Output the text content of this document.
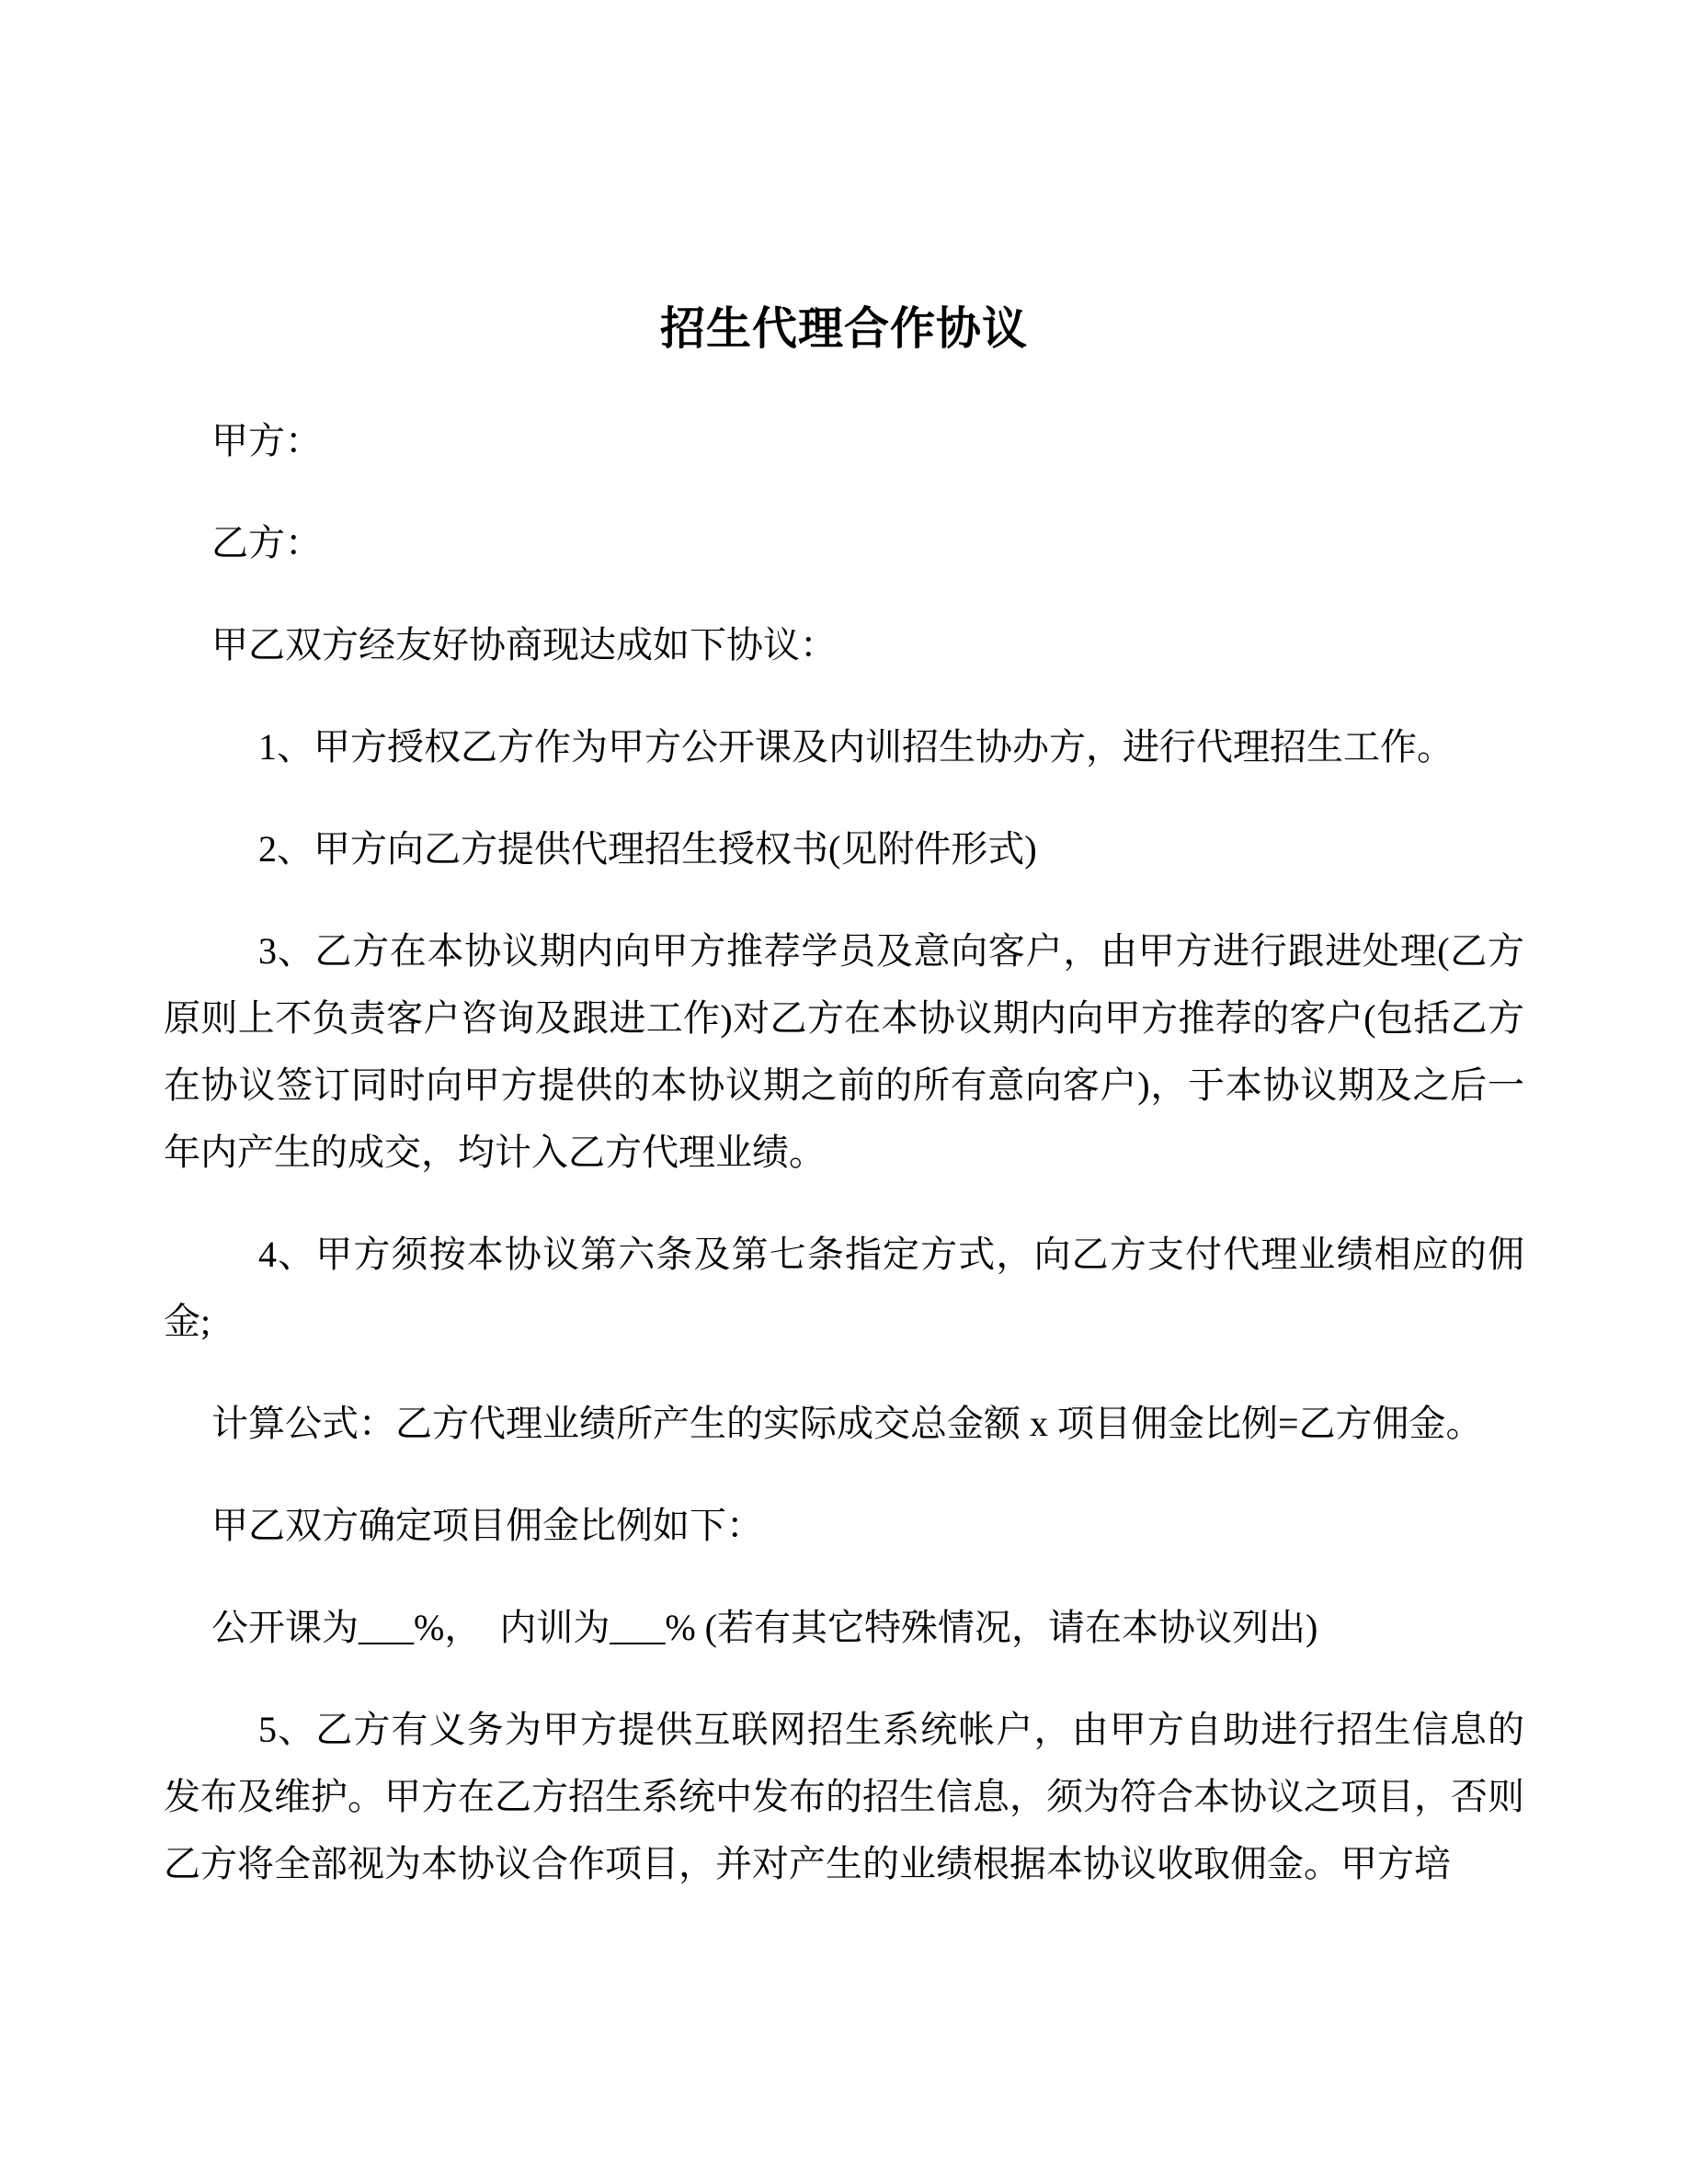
招生代理合作协议

甲方：

乙方：

甲乙双方经友好协商现达成如下协议：

1、甲方授权乙方作为甲方公开课及内训招生协办方，进行代理招生工作。

2、甲方向乙方提供代理招生授权书(见附件形式)

3、乙方在本协议期内向甲方推荐学员及意向客户，由甲方进行跟进处理(乙方原则上不负责客户咨询及跟进工作)对乙方在本协议期内向甲方推荐的客户(包括乙方在协议签订同时向甲方提供的本协议期之前的所有意向客户)，于本协议期及之后一年内产生的成交，均计入乙方代理业绩。

4、甲方须按本协议第六条及第七条指定方式，向乙方支付代理业绩相应的佣金;

计算公式：乙方代理业绩所产生的实际成交总金额 x 项目佣金比例=乙方佣金。

甲乙双方确定项目佣金比例如下：

公开课为___%，　内训为___% (若有其它特殊情况，请在本协议列出)

5、乙方有义务为甲方提供互联网招生系统帐户，由甲方自助进行招生信息的发布及维护。甲方在乙方招生系统中发布的招生信息，须为符合本协议之项目，否则乙方将全部视为本协议合作项目，并对产生的业绩根据本协议收取佣金。甲方培
